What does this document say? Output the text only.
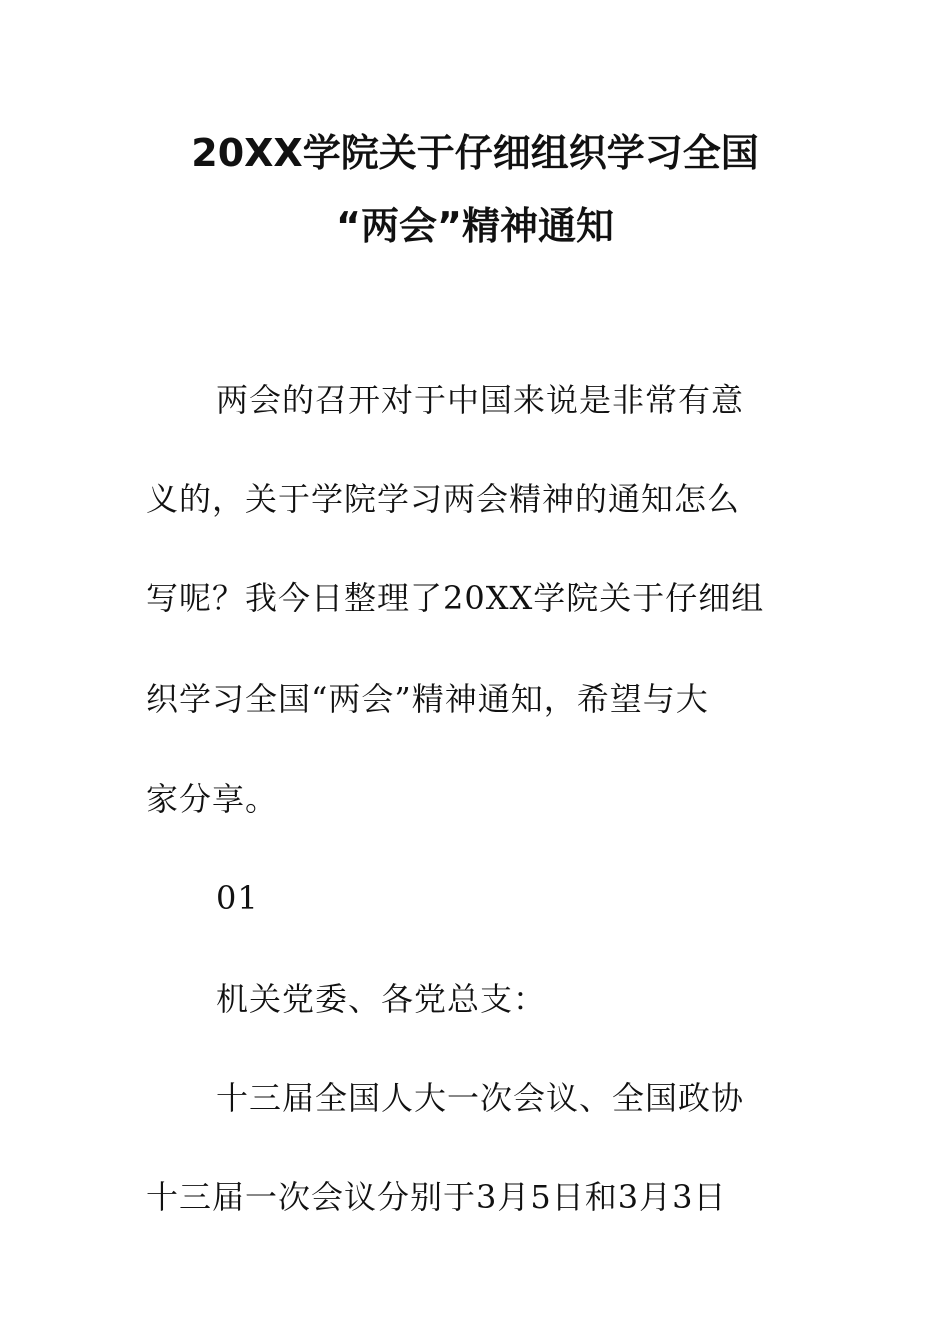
20XX学院关于仔细组织学习全国
“两会”精神通知
两会的召开对于中国来说是非常有意
义的，关于学院学习两会精神的通知怎么
写呢？我今日整理了20XX学院关于仔细组
织学习全国“两会”精神通知，希望与大
家分享。
01
机关党委、各党总支：
十三届全国人大一次会议、全国政协
十三届一次会议分别于3月5日和3月3日
